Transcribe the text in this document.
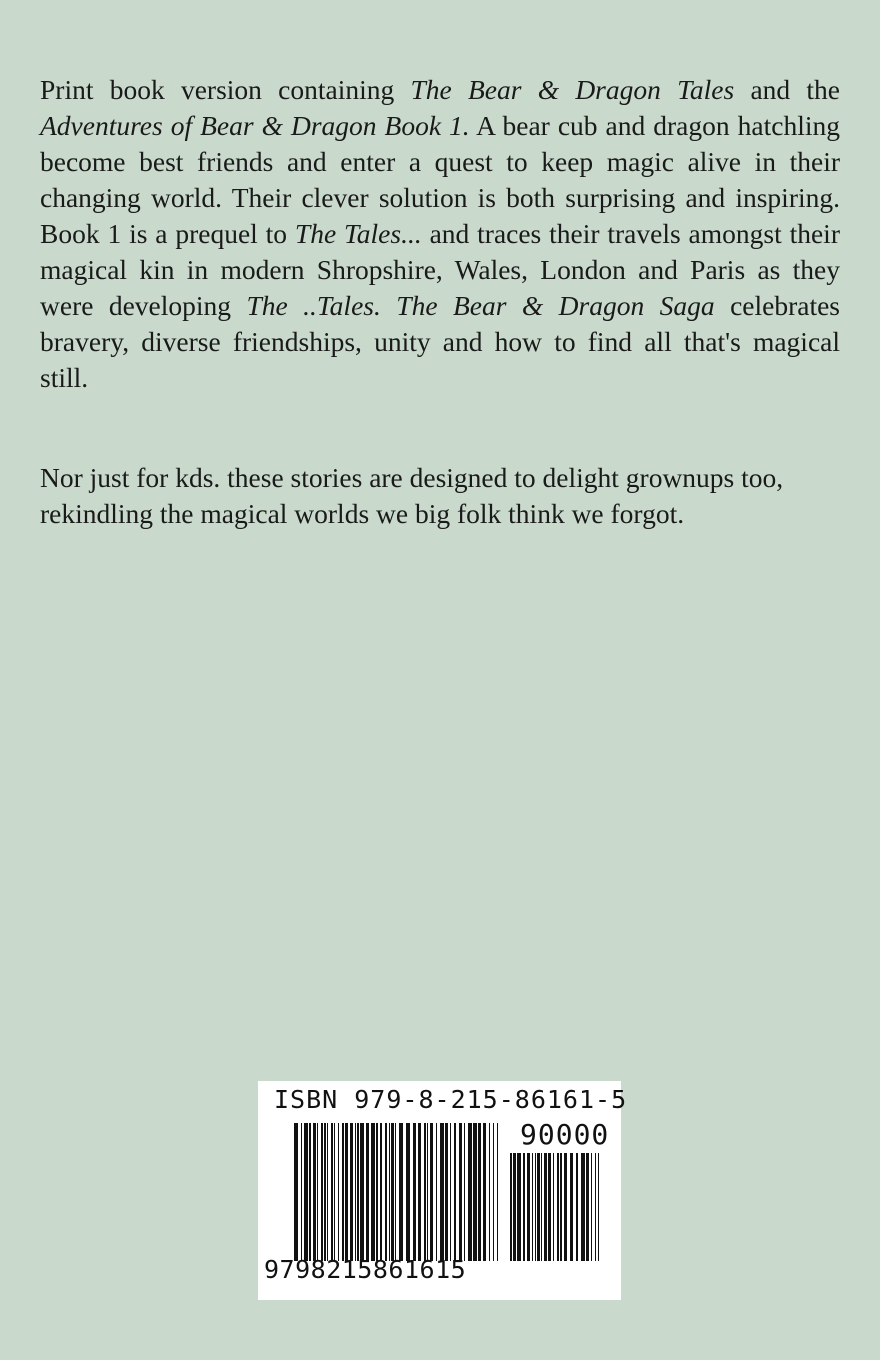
Print book version containing The Bear & Dragon Tales and the Adventures of Bear & Dragon Book 1. A bear cub and dragon hatchling become best friends and enter a quest to keep magic alive in their changing world. Their clever solution is both surprising and inspiring. Book 1 is a prequel to The Tales... and traces their travels amongst their magical kin in modern Shropshire, Wales, London and Paris as they were developing The ..Tales. The Bear & Dragon Saga celebrates bravery, diverse friendships, unity and how to find all that's magical still.

Nor just for kds. these stories are designed to delight grownups too, rekindling the magical worlds we big folk think we forgot.

ISBN 979-8-215-86161-5
90000
9798215861615
